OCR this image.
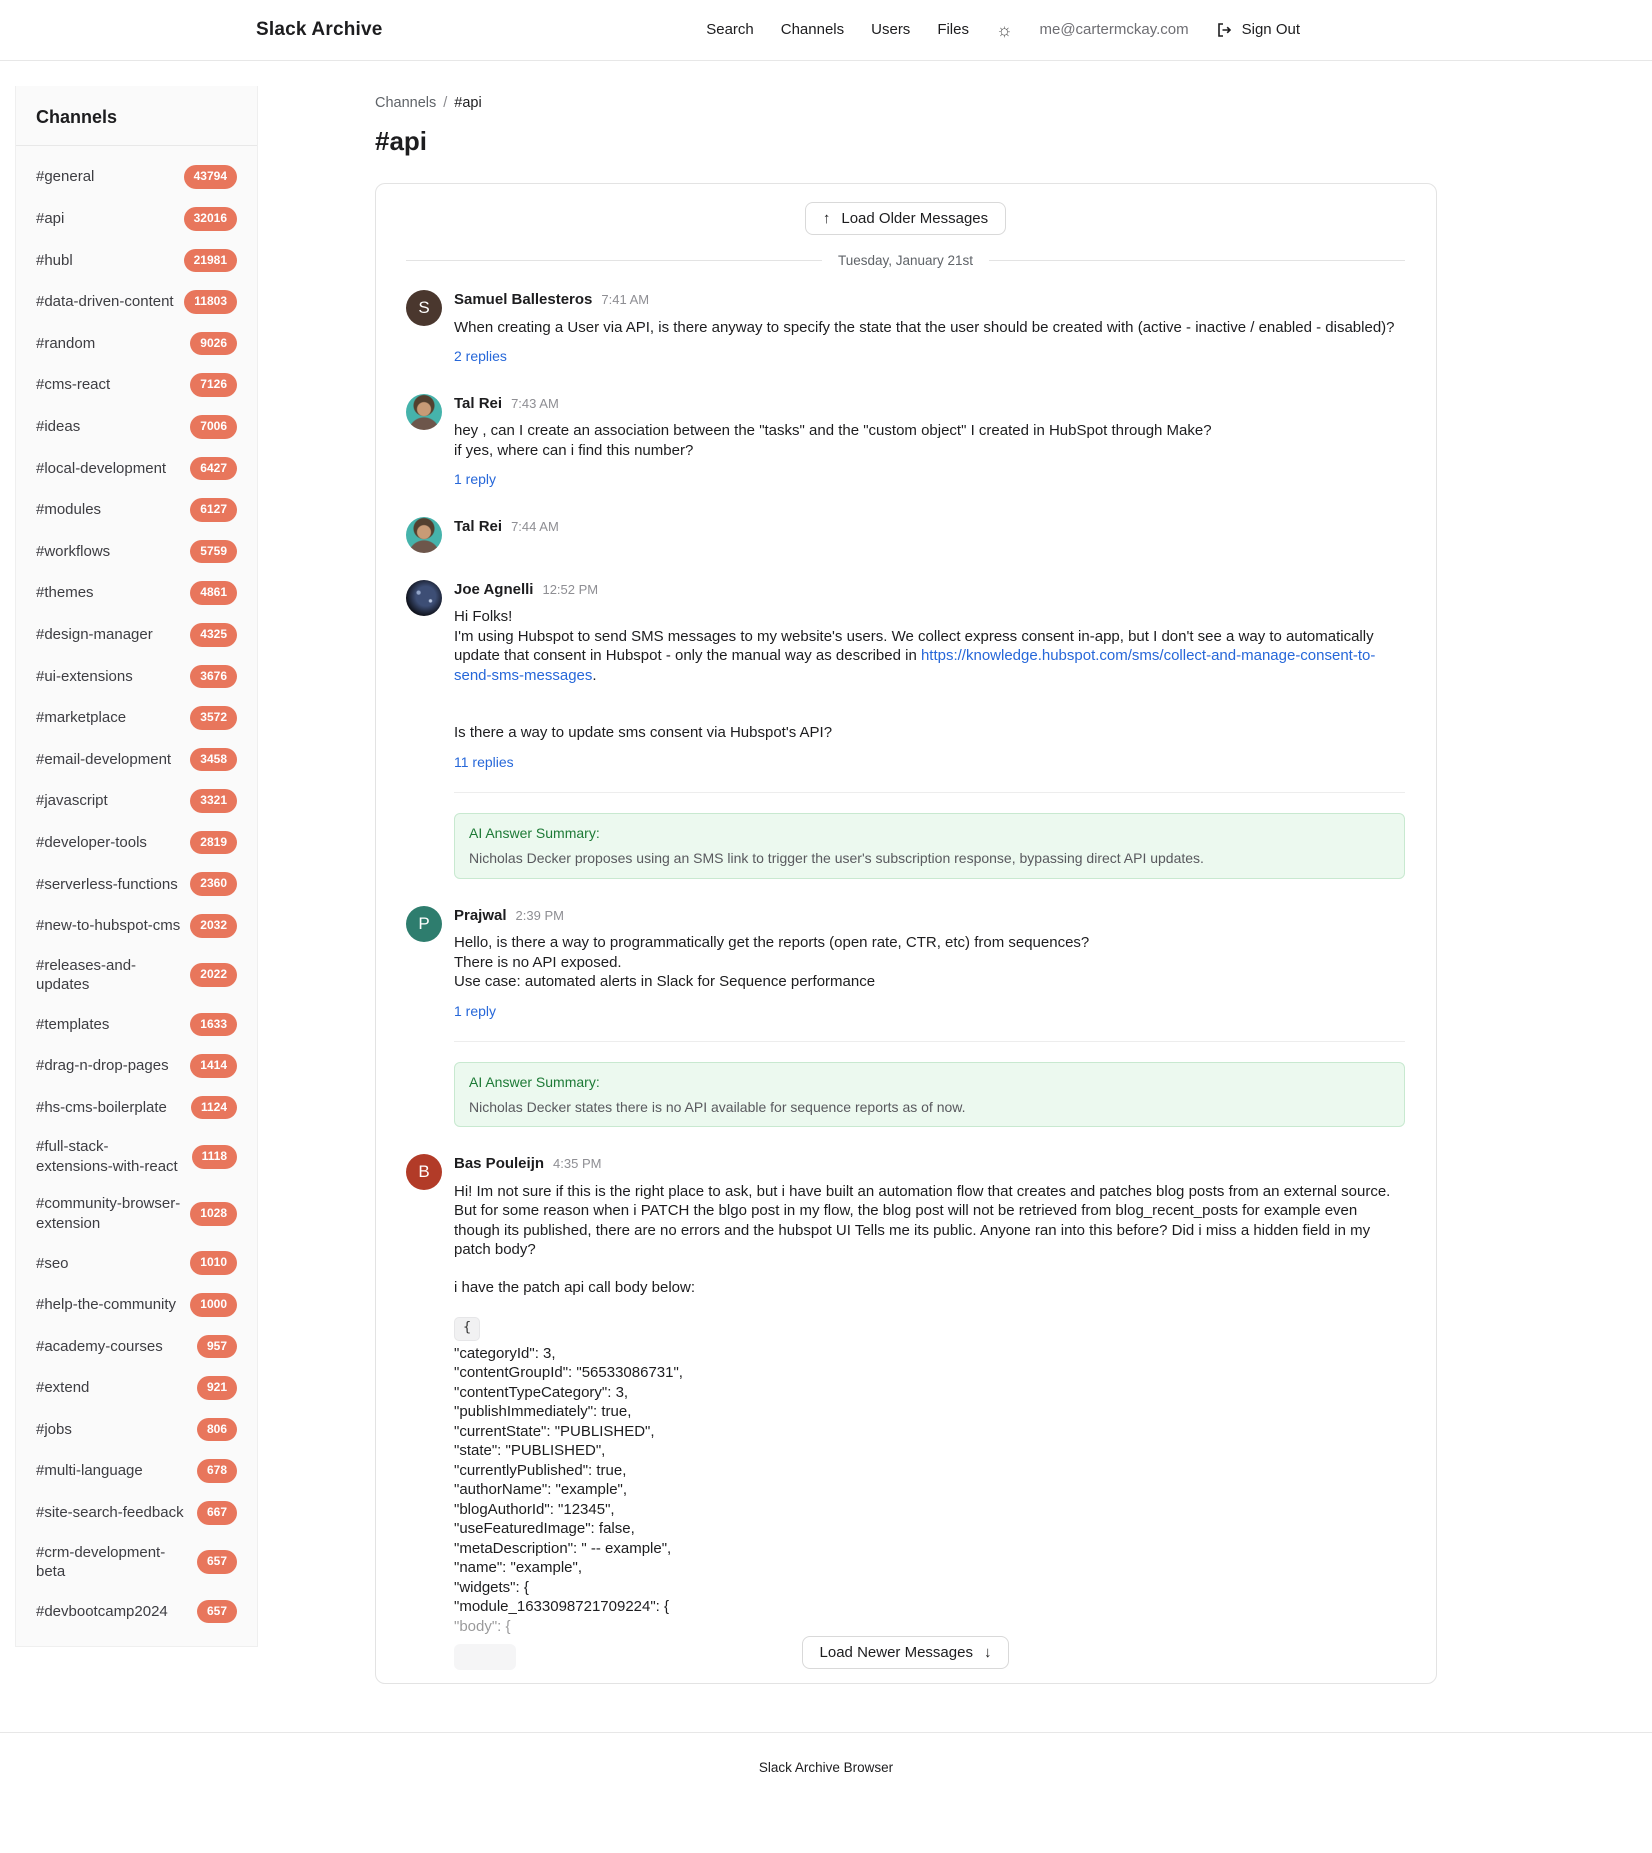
Slack Archive	Search Channels Users Files ☼ me@cartermckay.com	Sign Out
Channels
#general	43794
#api	32016
#hubl	21981
#data-driven-content	11803
#random	9026
#cms-react	7126
#ideas	7006
#local-development	6427
#modules	6127
#workflows	5759
#themes	4861
#design-manager	4325
#ui-extensions	3676
#marketplace	3572
#email-development	3458
#javascript	3321
#developer-tools	2819
#serverless-functions	2360
#new-to-hubspot-cms	2032
#releases-and-updates
2022
#templates	1633
#drag-n-drop-pages	1414
#hs-cms-boilerplate	1124
#full-stack-extensions-with-react
1118
#community-browser-extension
1028
#seo	1010
#help-the-community	1000
#academy-courses	957
#extend	921
#jobs	806
#multi-language	678
#site-search-feedback	667
#crm-development-beta
657
#devbootcamp2024	657
Channels / #api
#api
↑ Load Older Messages
Tuesday, January 21st
S	Samuel Ballesteros 7:41 AM

When creating a User via API, is there anyway to specify the state that the user should be created with (active - inactive / enabled - disabled)?

2 replies
Tal Rei 7:43 AM

hey , can I create an association between the "tasks" and the "custom object" I created in HubSpot through Make?

if yes, where can i find this number?

1 reply
Tal Rei 7:44 AM
Joe Agnelli 12:52 PM

Hi Folks!

I'm using Hubspot to send SMS messages to my website's users. We collect express consent in-app, but I don't see a way to automatically update that consent in Hubspot - only the manual way as described in https://knowledge.hubspot.com/sms/collect-and-manage-consent-to-send-sms-messages.

Is there a way to update sms consent via Hubspot's API?

11 replies
AI Answer Summary:
Nicholas Decker proposes using an SMS link to trigger the user's subscription response, bypassing direct API updates.
P	Prajwal 2:39 PM

Hello, is there a way to programmatically get the reports (open rate, CTR, etc) from sequences?

There is no API exposed.

Use case: automated alerts in Slack for Sequence performance

1 reply
AI Answer Summary:
Nicholas Decker states there is no API available for sequence reports as of now.
B	Bas Pouleijn 4:35 PM

Hi! Im not sure if this is the right place to ask, but i have built an automation flow that creates and patches blog posts from an external source. But for some reason when i PATCH the blgo post in my flow, the blog post will not be retrieved from blog_recent_posts for example even though its published, there are no errors and the hubspot UI Tells me its public. Anyone ran into this before? Did i miss a hidden field in my patch body?

i have the patch api call body below:

{

"categoryId": 3,

"contentGroupId": "56533086731",

"contentTypeCategory": 3,

"publishImmediately": true,

"currentState": "PUBLISHED",

"state": "PUBLISHED",

"currentlyPublished": true,

"authorName": "example",

"blogAuthorId": "12345",

"useFeaturedImage": false,

"metaDescription": " -- example",

"name": "example",

"widgets": {

"module_1633098721709224": {

"body": {

Load Newer Messages ↓
Slack Archive Browser
